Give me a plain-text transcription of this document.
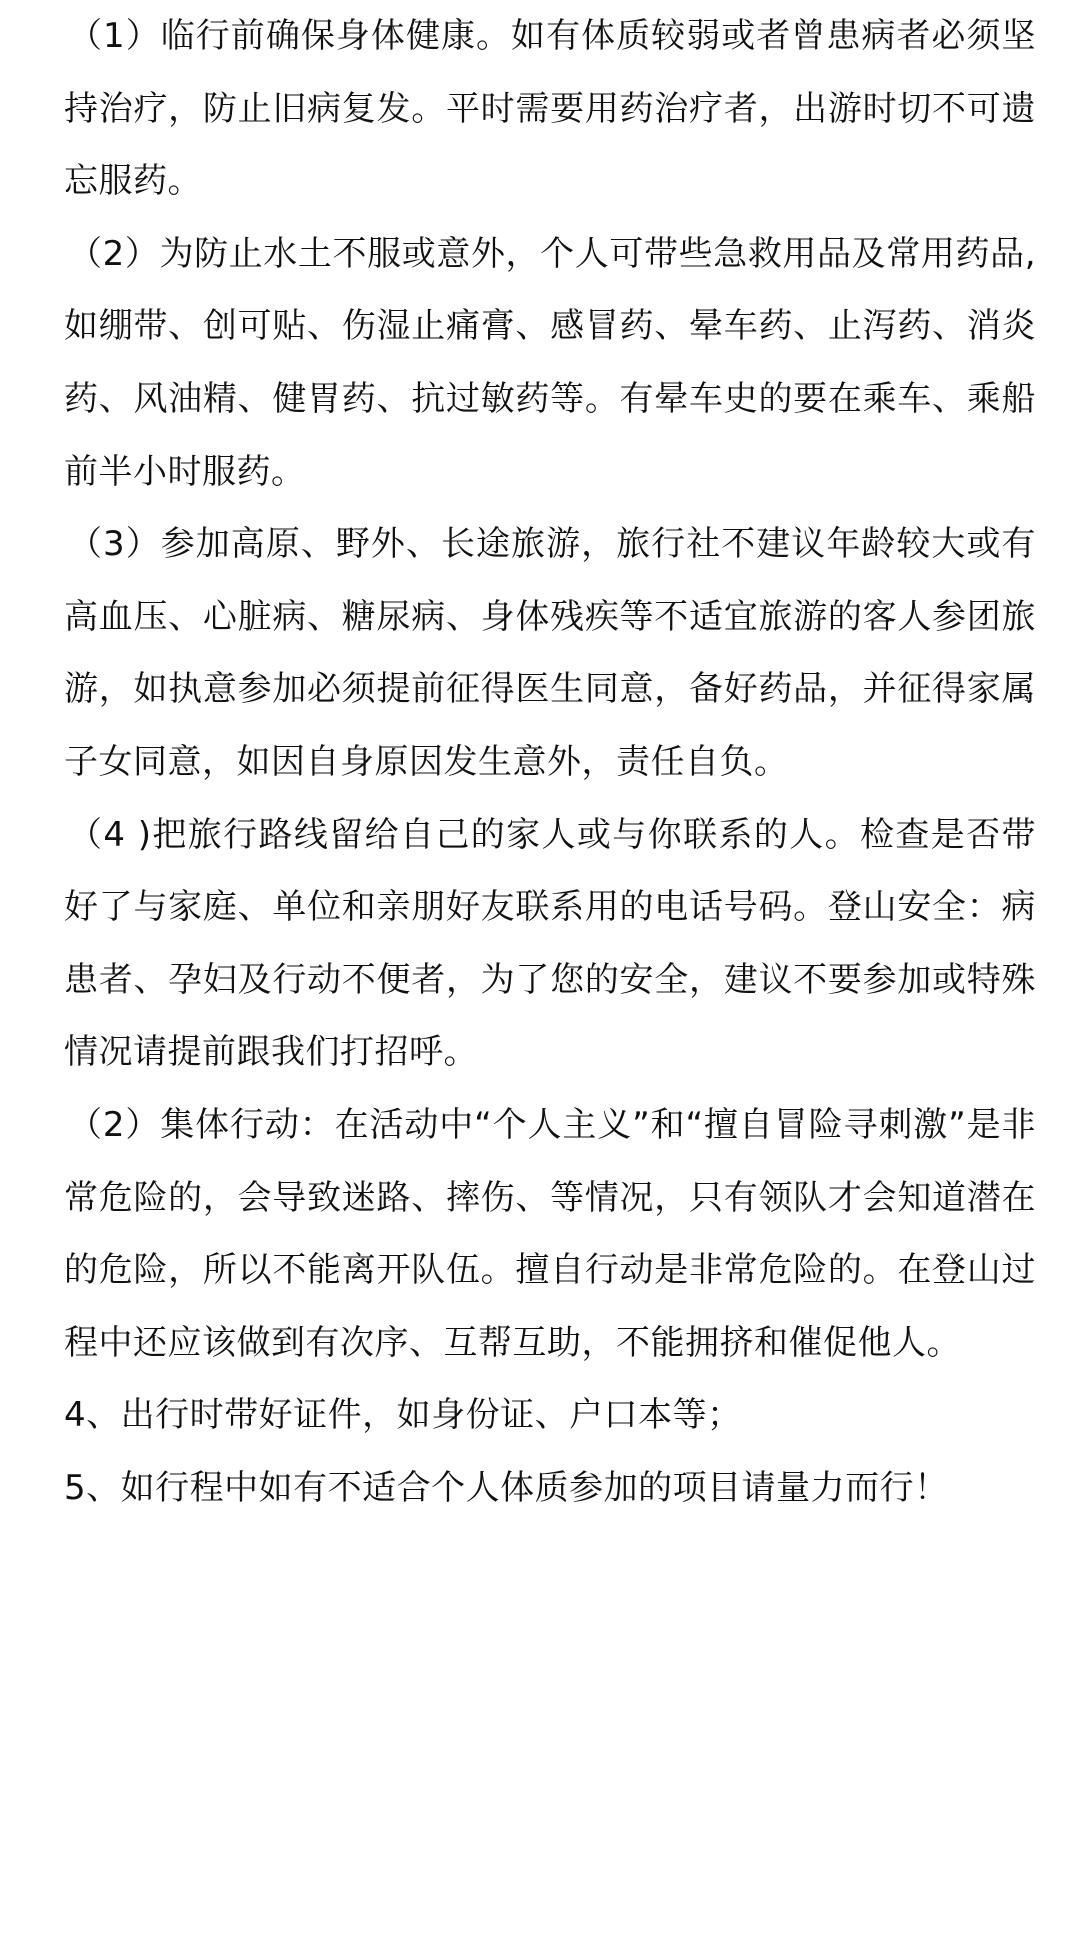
（1）临行前确保身体健康。如有体质较弱或者曾患病者必须坚持治疗，防止旧病复发。平时需要用药治疗者，出游时切不可遗忘服药。

（2）为防止水土不服或意外，个人可带些急救用品及常用药品,如绷带、创可贴、伤湿止痛膏、感冒药、晕车药、止泻药、消炎药、风油精、健胃药、抗过敏药等。有晕车史的要在乘车、乘船前半小时服药。

（3）参加高原、野外、长途旅游，旅行社不建议年龄较大或有高血压、心脏病、糖尿病、身体残疾等不适宜旅游的客人参团旅游，如执意参加必须提前征得医生同意，备好药品，并征得家属子女同意，如因自身原因发生意外，责任自负。

（4 )把旅行路线留给自己的家人或与你联系的人。检查是否带好了与家庭、单位和亲朋好友联系用的电话号码。登山安全：病患者、孕妇及行动不便者，为了您的安全，建议不要参加或特殊情况请提前跟我们打招呼。

（2）集体行动：在活动中“个人主义”和“擅自冒险寻刺激”是非常危险的，会导致迷路、摔伤、等情况，只有领队才会知道潜在的危险，所以不能离开队伍。擅自行动是非常危险的。在登山过程中还应该做到有次序、互帮互助，不能拥挤和催促他人。

4、出行时带好证件，如身份证、户口本等；

5、如行程中如有不适合个人体质参加的项目请量力而行！
